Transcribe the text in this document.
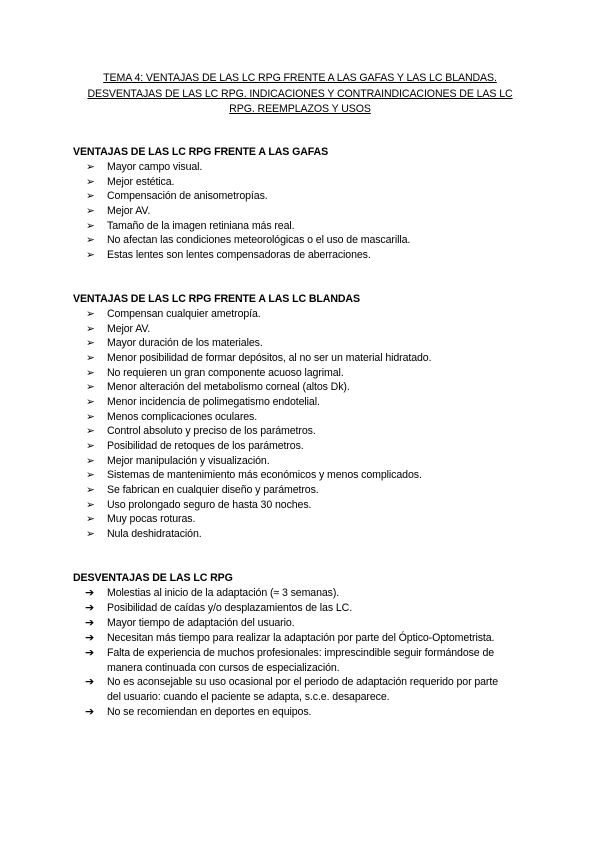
TEMA 4: VENTAJAS DE LAS LC RPG FRENTE A LAS GAFAS Y LAS LC BLANDAS.
DESVENTAJAS DE LAS LC RPG. INDICACIONES Y CONTRAINDICACIONES DE LAS LC
RPG. REEMPLAZOS Y USOS
VENTAJAS DE LAS LC RPG FRENTE A LAS GAFAS
➢ Mayor campo visual.
➢ Mejor estética.
➢ Compensación de anisometropías.
➢ Mejor AV.
➢ Tamaño de la imagen retiniana más real.
➢ No afectan las condiciones meteorológicas o el uso de mascarilla.
➢ Estas lentes son lentes compensadoras de aberraciones.
VENTAJAS DE LAS LC RPG FRENTE A LAS LC BLANDAS
➢ Compensan cualquier ametropía.
➢ Mejor AV.
➢ Mayor duración de los materiales.
➢ Menor posibilidad de formar depósitos, al no ser un material hidratado.
➢ No requieren un gran componente acuoso lagrimal.
➢ Menor alteración del metabolismo corneal (altos Dk).
➢ Menor incidencia de polimegatismo endotelial.
➢ Menos complicaciones oculares.
➢ Control absoluto y preciso de los parámetros.
➢ Posibilidad de retoques de los parámetros.
➢ Mejor manipulación y visualización.
➢ Sistemas de mantenimiento más económicos y menos complicados.
➢ Se fabrican en cualquier diseño y parámetros.
➢ Uso prolongado seguro de hasta 30 noches.
➢ Muy pocas roturas.
➢ Nula deshidratación.
DESVENTAJAS DE LAS LC RPG
➔ Molestias al inicio de la adaptación (≈ 3 semanas).
➔ Posibilidad de caídas y/o desplazamientos de las LC.
➔ Mayor tiempo de adaptación del usuario.
➔ Necesitan más tiempo para realizar la adaptación por parte del Óptico-Optometrista.
➔ Falta de experiencia de muchos profesionales: imprescindible seguir formándose de
manera continuada con cursos de especialización.
➔ No es aconsejable su uso ocasional por el periodo de adaptación requerido por parte
del usuario: cuando el paciente se adapta, s.c.e. desaparece.
➔ No se recomiendan en deportes en equipos.
